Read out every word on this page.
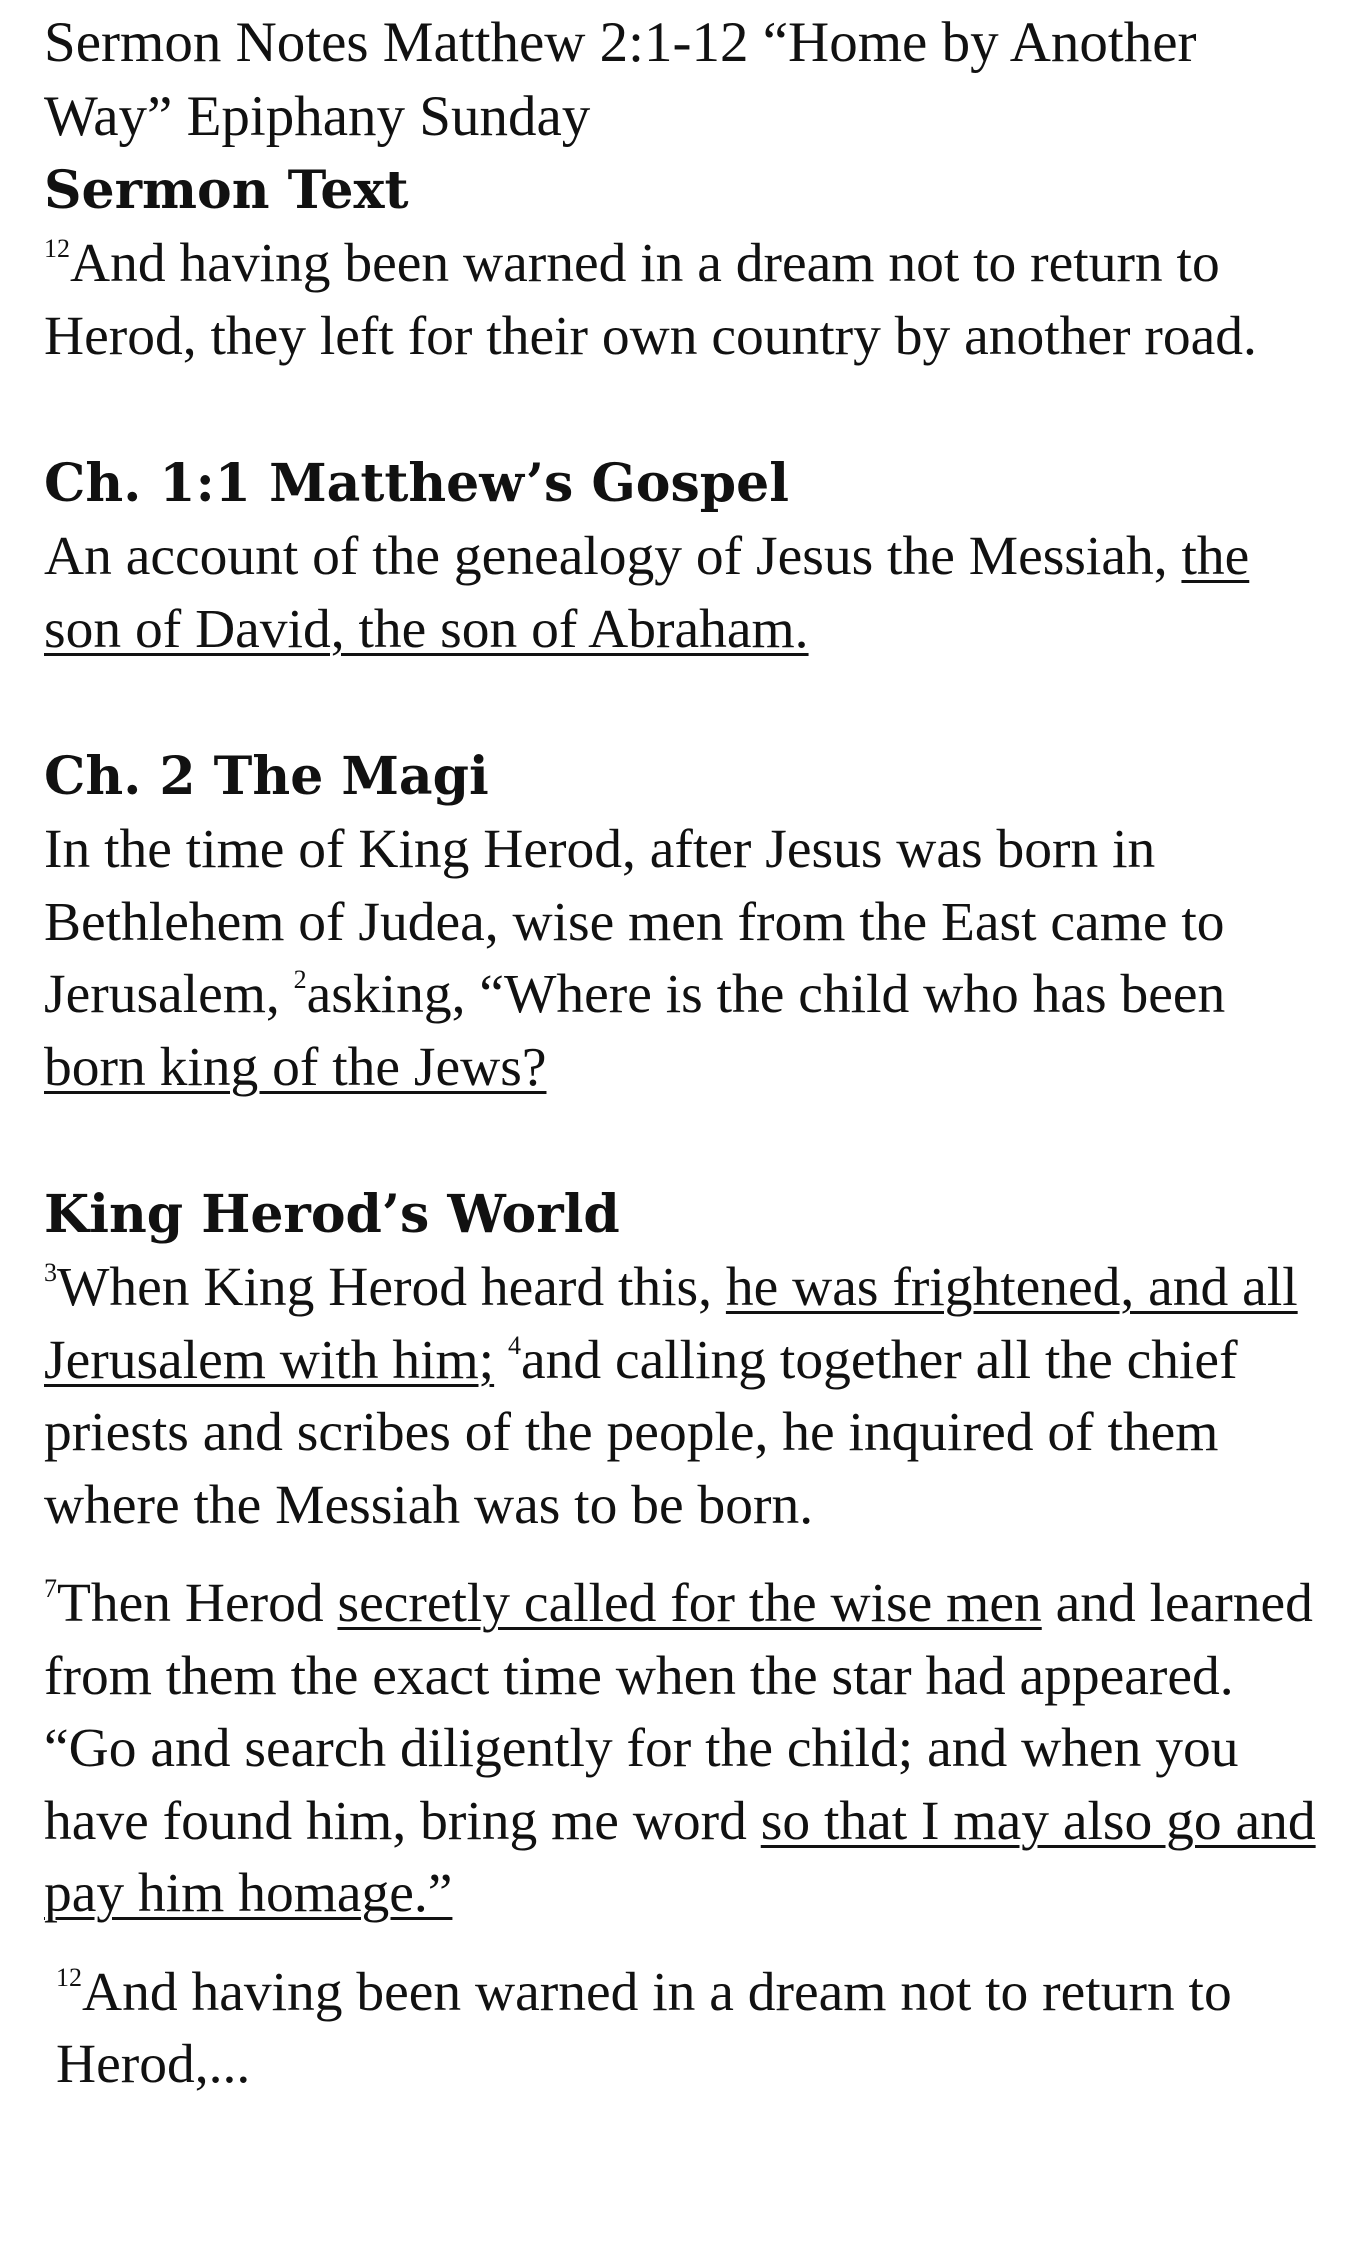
Sermon Notes Matthew 2:1-12 “Home by Another Way” Epiphany Sunday

Sermon Text

$^{12}$And having been warned in a dream not to return to Herod, they left for their own country by another road.

Ch. 1:1 Matthew’s Gospel

An account of the genealogy of Jesus the Messiah, the son of David, the son of Abraham.

Ch. 2 The Magi

In the time of King Herod, after Jesus was born in Bethlehem of Judea, wise men from the East came to Jerusalem, $^2$asking, “Where is the child who has been born king of the Jews?

King Herod’s World

$^3$When King Herod heard this, he was frightened, and all Jerusalem with him; $^4$and calling together all the chief priests and scribes of the people, he inquired of them where the Messiah was to be born.

$^7$Then Herod secretly called for the wise men and learned from them the exact time when the star had appeared. “Go and search diligently for the child; and when you have found him, bring me word so that I may also go and pay him homage.”

$^{12}$And having been warned in a dream not to return to Herod,...
